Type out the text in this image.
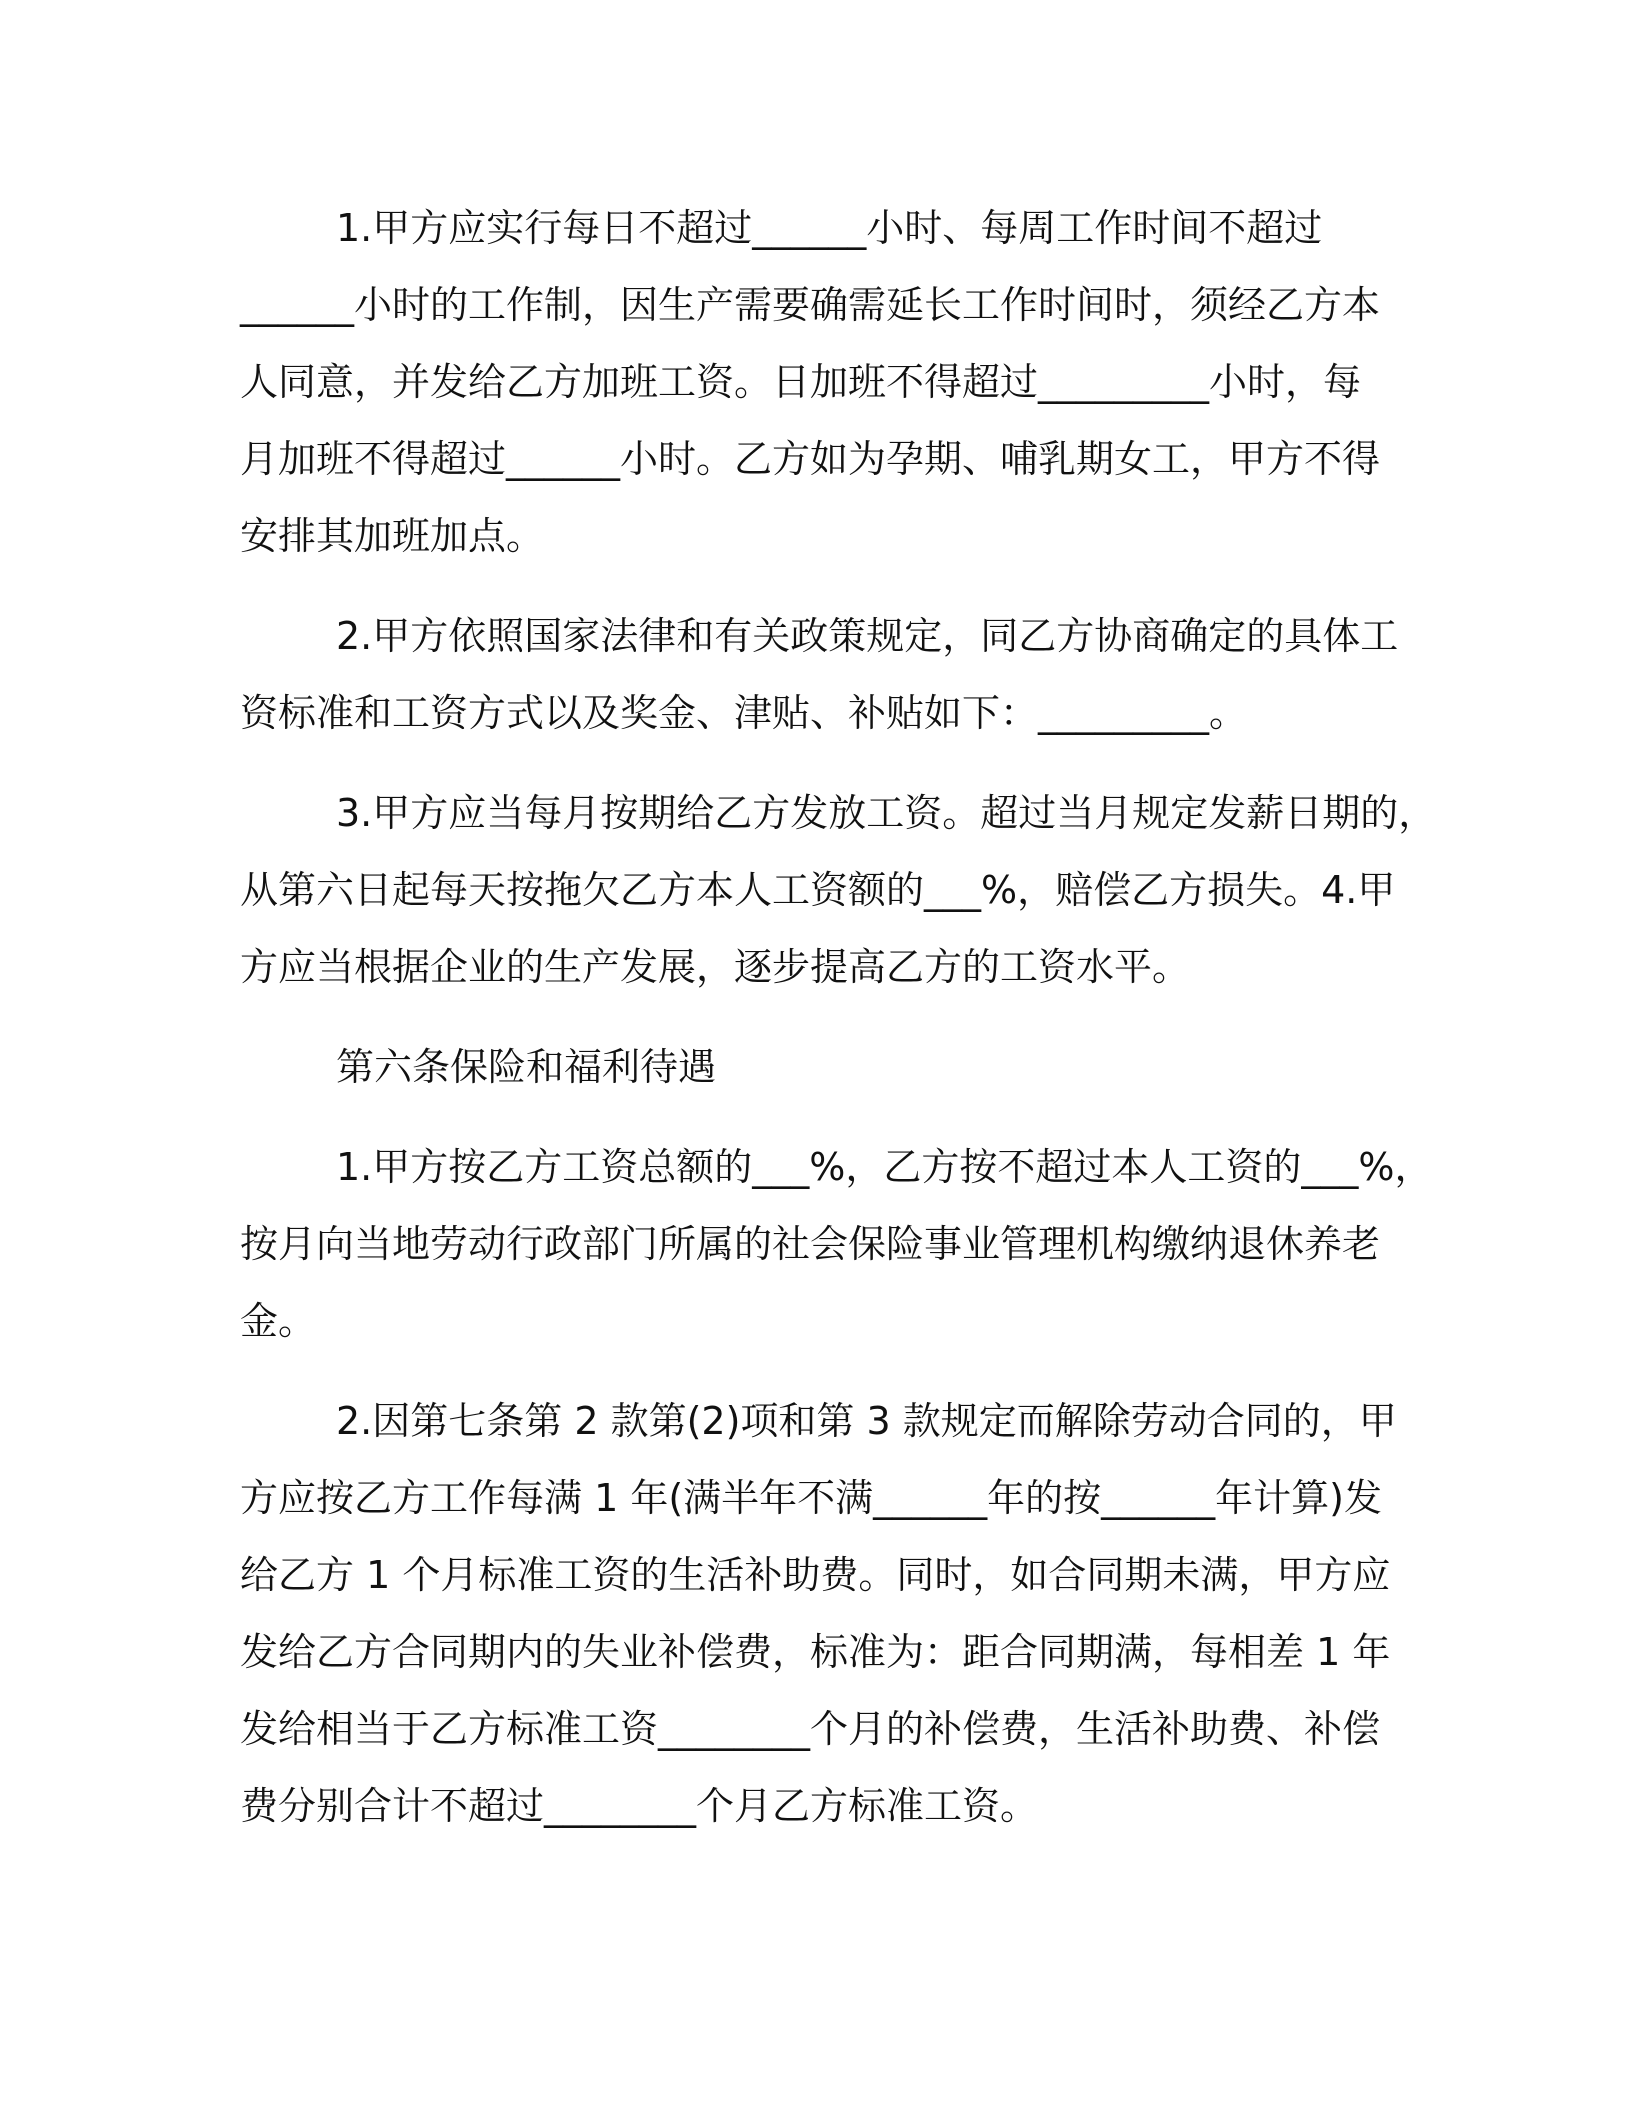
1.甲方应实行每日不超过______小时、每周工作时间不超过
______小时的工作制，因生产需要确需延长工作时间时，须经乙方本
人同意，并发给乙方加班工资。日加班不得超过_________小时，每
月加班不得超过______小时。乙方如为孕期、哺乳期女工，甲方不得
安排其加班加点。
2.甲方依照国家法律和有关政策规定，同乙方协商确定的具体工
资标准和工资方式以及奖金、津贴、补贴如下：_________。
3.甲方应当每月按期给乙方发放工资。超过当月规定发薪日期的，
从第六日起每天按拖欠乙方本人工资额的___%，赔偿乙方损失。4.甲
方应当根据企业的生产发展，逐步提高乙方的工资水平。
第六条保险和福利待遇
1.甲方按乙方工资总额的___%，乙方按不超过本人工资的___%，
按月向当地劳动行政部门所属的社会保险事业管理机构缴纳退休养老
金。
2.因第七条第 2 款第(2)项和第 3 款规定而解除劳动合同的，甲
方应按乙方工作每满 1 年(满半年不满______年的按______年计算)发
给乙方 1 个月标准工资的生活补助费。同时，如合同期未满，甲方应
发给乙方合同期内的失业补偿费，标准为：距合同期满，每相差 1 年
发给相当于乙方标准工资________个月的补偿费，生活补助费、补偿
费分别合计不超过________个月乙方标准工资。
